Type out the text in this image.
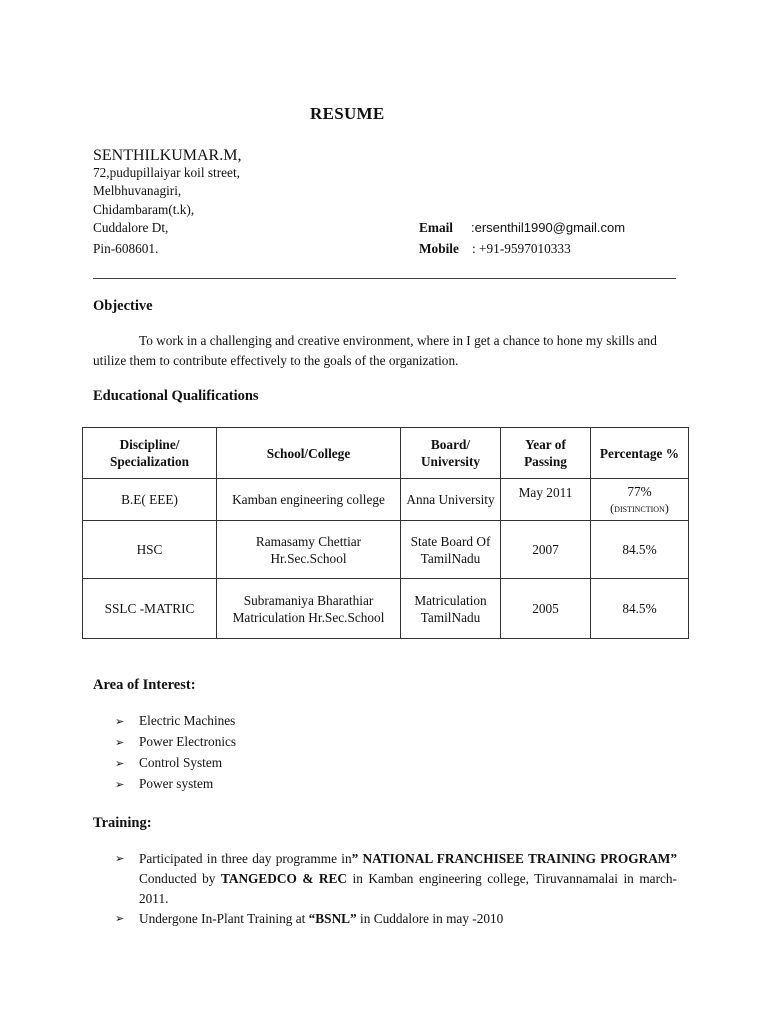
RESUME
SENTHILKUMAR.M,
72,pudupillaiyar koil street,
Melbhuvanagiri,
Chidambaram(t.k),
Cuddalore Dt,
Pin-608601.
Email :ersenthil1990@gmail.com
Mobile : +91-9597010333
Objective
To work in a challenging and creative environment, where in I get a chance to hone my skills and utilize them to contribute effectively to the goals of the organization.
Educational Qualifications
Discipline/ Specialization	School/College	Board/ University	Year of Passing	Percentage %
B.E( EEE)	Kamban engineering college	Anna University	May 2011	77%
(distinction)

HSC	Ramasamy Chettiar Hr.Sec.School	State Board Of TamilNadu	2007	84.5%
SSLC -MATRIC	Subramaniya Bharathiar Matriculation Hr.Sec.School	Matriculation TamilNadu	2005	84.5%
Area of Interest:
➢ Electric Machines
➢ Power Electronics
➢ Control System
➢ Power system
Training:
➢	Participated in three day programme in” NATIONAL FRANCHISEE TRAINING PROGRAM” Conducted by TANGEDCO & REC in Kamban engineering college, Tiruvannamalai in march- 2011.
➢	Undergone In-Plant Training at “BSNL” in Cuddalore in may -2010
